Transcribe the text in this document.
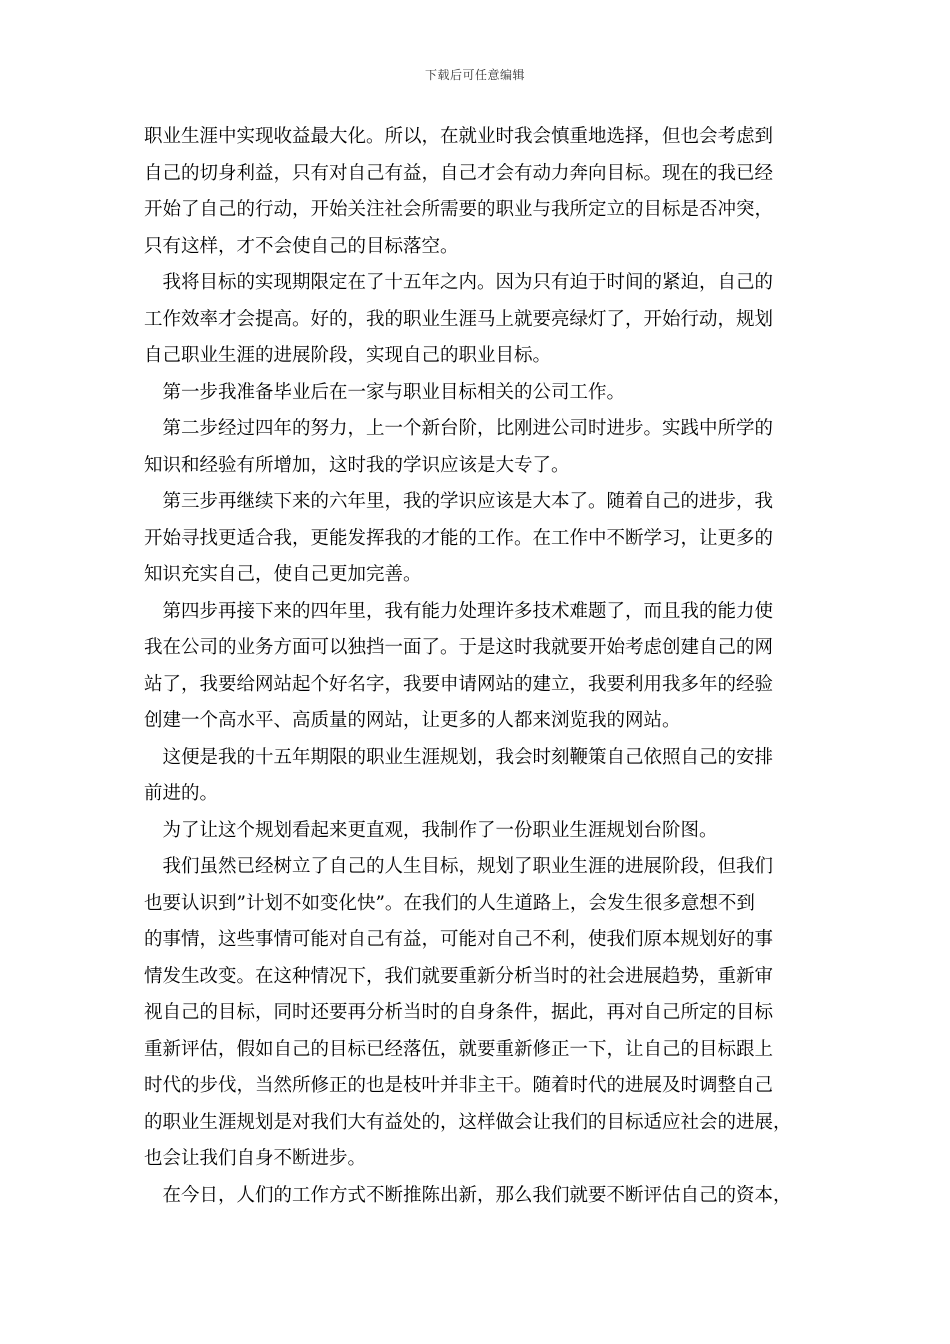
下载后可任意编辑
职业生涯中实现收益最大化。所以，在就业时我会慎重地选择，但也会考虑到
自己的切身利益，只有对自己有益，自己才会有动力奔向目标。现在的我已经
开始了自己的行动，开始关注社会所需要的职业与我所定立的目标是否冲突，
只有这样，才不会使自己的目标落空。
　我将目标的实现期限定在了十五年之内。因为只有迫于时间的紧迫，自己的
工作效率才会提高。好的，我的职业生涯马上就要亮绿灯了，开始行动，规划
自己职业生涯的进展阶段，实现自己的职业目标。
　第一步我准备毕业后在一家与职业目标相关的公司工作。
　第二步经过四年的努力，上一个新台阶，比刚进公司时进步。实践中所学的
知识和经验有所增加，这时我的学识应该是大专了。
　第三步再继续下来的六年里，我的学识应该是大本了。随着自己的进步，我
开始寻找更适合我，更能发挥我的才能的工作。在工作中不断学习，让更多的
知识充实自己，使自己更加完善。
　第四步再接下来的四年里，我有能力处理许多技术难题了，而且我的能力使
我在公司的业务方面可以独挡一面了。于是这时我就要开始考虑创建自己的网
站了，我要给网站起个好名字，我要申请网站的建立，我要利用我多年的经验
创建一个高水平、高质量的网站，让更多的人都来浏览我的网站。
　这便是我的十五年期限的职业生涯规划，我会时刻鞭策自己依照自己的安排
前进的。
　为了让这个规划看起来更直观，我制作了一份职业生涯规划台阶图。
　我们虽然已经树立了自己的人生目标，规划了职业生涯的进展阶段，但我们
也要认识到”计划不如变化快”。在我们的人生道路上，会发生很多意想不到
的事情，这些事情可能对自己有益，可能对自己不利，使我们原本规划好的事
情发生改变。在这种情况下，我们就要重新分析当时的社会进展趋势，重新审
视自己的目标，同时还要再分析当时的自身条件，据此，再对自己所定的目标
重新评估，假如自己的目标已经落伍，就要重新修正一下，让自己的目标跟上
时代的步伐，当然所修正的也是枝叶并非主干。随着时代的进展及时调整自己
的职业生涯规划是对我们大有益处的，这样做会让我们的目标适应社会的进展，
也会让我们自身不断进步。
　在今日，人们的工作方式不断推陈出新，那么我们就要不断评估自己的资本，
